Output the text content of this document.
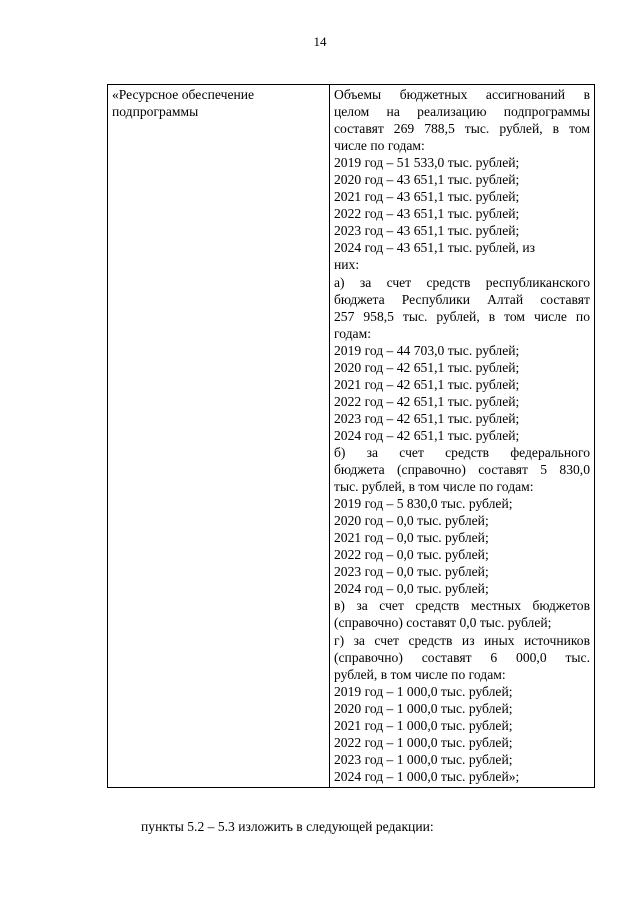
14
«Ресурсное обеспечение
подпрограммы

Объемы бюджетных ассигнований в
целом на реализацию подпрограммы
составят 269 788,5 тыс. рублей, в том
числе по годам:
2019 год – 51 533,0 тыс. рублей;
2020 год – 43 651,1 тыс. рублей;
2021 год – 43 651,1 тыс. рублей;
2022 год – 43 651,1 тыс. рублей;
2023 год – 43 651,1 тыс. рублей;
2024 год – 43 651,1 тыс. рублей, из
них:
а) за счет средств республиканского
бюджета Республики Алтай составят
257 958,5 тыс. рублей, в том числе по
годам:
2019 год – 44 703,0 тыс. рублей;
2020 год – 42 651,1 тыс. рублей;
2021 год – 42 651,1 тыс. рублей;
2022 год – 42 651,1 тыс. рублей;
2023 год – 42 651,1 тыс. рублей;
2024 год – 42 651,1 тыс. рублей;
б) за счет средств федерального
бюджета (справочно) составят 5 830,0
тыс. рублей, в том числе по годам:
2019 год – 5 830,0 тыс. рублей;
2020 год – 0,0 тыс. рублей;
2021 год – 0,0 тыс. рублей;
2022 год – 0,0 тыс. рублей;
2023 год – 0,0 тыс. рублей;
2024 год – 0,0 тыс. рублей;
в) за счет средств местных бюджетов
(справочно) составят 0,0 тыс. рублей;
г) за счет средств из иных источников
(справочно) составят 6 000,0 тыс.
рублей, в том числе по годам:
2019 год – 1 000,0 тыс. рублей;
2020 год – 1 000,0 тыс. рублей;
2021 год – 1 000,0 тыс. рублей;
2022 год – 1 000,0 тыс. рублей;
2023 год – 1 000,0 тыс. рублей;
2024 год – 1 000,0 тыс. рублей»;
пункты 5.2 – 5.3 изложить в следующей редакции:
